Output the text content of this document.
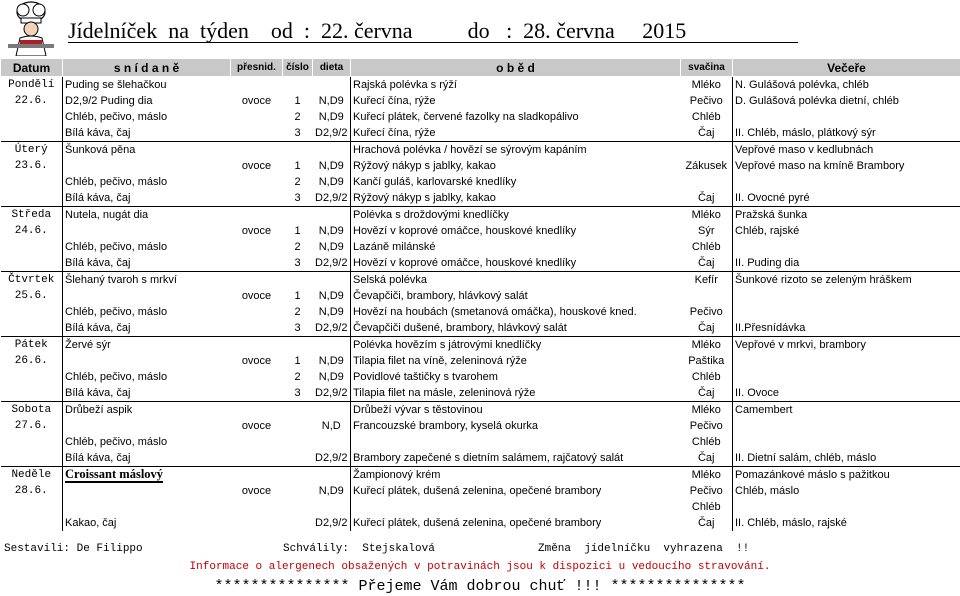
Jídelníček  na  týden    od  :  22. června          do   :  28. června     2015
Datum	s n í d a n ě	přesnid.	číslo	dieta	o b ě d	svačina	Večeře
Pondělí	Puding se šlehačkou				Rajská polévka s rýží	Mléko	N. Gulášová polévka, chléb
22.6.	D2,9/2 Puding dia	ovoce	1	N,D9	Kuřecí čína, rýže	Pečivo	D. Gulášová polévka dietní, chléb
	Chléb, pečivo, máslo		2	N,D9	Kuřecí plátek, červené fazolky na sladkopálivo	Chléb	
	Bílá káva, čaj		3	D2,9/2	Kuřecí čína, rýže	Čaj	II. Chléb, máslo, plátkový sýr
Úterý	Šunková pěna				Hrachová polévka / hovězí se sýrovým kapáním		Vepřové maso v kedlubnách
23.6.		ovoce	1	N,D9	Rýžový nákyp s jablky, kakao	Zákusek	Vepřové maso na kmíně Brambory
	Chléb, pečivo, máslo		2	N,D9	Kančí guláš, karlovarské knedlíky		
	Bílá káva, čaj		3	D2,9/2	Rýžový nákyp s jablky, kakao	Čaj	II. Ovocné pyré
Středa	Nutela, nugát dia				Polévka s droždovými knedlíčky	Mléko	Pražská šunka
24.6.		ovoce	1	N,D9	Hovězí v koprové omáčce, houskové knedlíky	Sýr	Chléb, rajské
	Chléb, pečivo, máslo		2	N,D9	Lazáně milánské	Chléb	
	Bílá káva, čaj		3	D2,9/2	Hovězí v koprové omáčce, houskové knedlíky	Čaj	II. Puding dia
Čtvrtek	Šlehaný tvaroh s mrkví				Selská polévka	Kefír	Šunkové rizoto se zeleným hráškem
25.6.		ovoce	1	N,D9	Čevapčiči, brambory, hlávkový salát		
	Chléb, pečivo, máslo		2	N,D9	Hovězí na houbách (smetanová omáčka), houskové kned.	Pečivo	
	Bílá káva, čaj		3	D2,9/2	Čevapčiči dušené, brambory, hlávkový salát	Čaj	II.Přesnídávka
Pátek	Žervé sýr				Polévka hovězím s játrovými knedlíčky	Mléko	Vepřové v mrkvi, brambory
26.6.		ovoce	1	N,D9	Tilapia filet na víně, zeleninová rýže	Paštika	
	Chléb, pečivo, máslo		2	N,D9	Povidlové taštičky s tvarohem	Chléb	
	Bílá káva, čaj		3	D2,9/2	Tilapia filet na másle, zeleninová rýže	Čaj	II. Ovoce
Sobota	Drůbeží aspik				Drůbeží vývar s těstovinou	Mléko	Camembert
27.6.		ovoce		N,D	Francouzské brambory, kyselá okurka	Pečivo	
	Chléb, pečivo, máslo					Chléb	
	Bílá káva, čaj			D2,9/2	Brambory zapečené s dietním salámem, rajčatový salát	Čaj	II. Dietní salám, chléb, máslo
Neděle	Croissant máslový				Žampionový krém	Mléko	Pomazánkové máslo s pažitkou
28.6.		ovoce		N,D9	Kuřecí plátek, dušená zelenina, opečené brambory	Pečivo	Chléb, máslo
						Chléb	
	Kakao, čaj			D2,9/2	Kuřecí plátek, dušená zelenina, opečené brambory	Čaj	II. Chléb, máslo, rajské
Sestavili: De Filippo	Schválily:  Stejskalová	Změna  jídelníčku  vyhrazena  !!
Informace o alergenech obsažených v potravinách jsou k dispozici u vedoucího stravování.
*************** Přejeme Vám dobrou chuť !!! ***************
